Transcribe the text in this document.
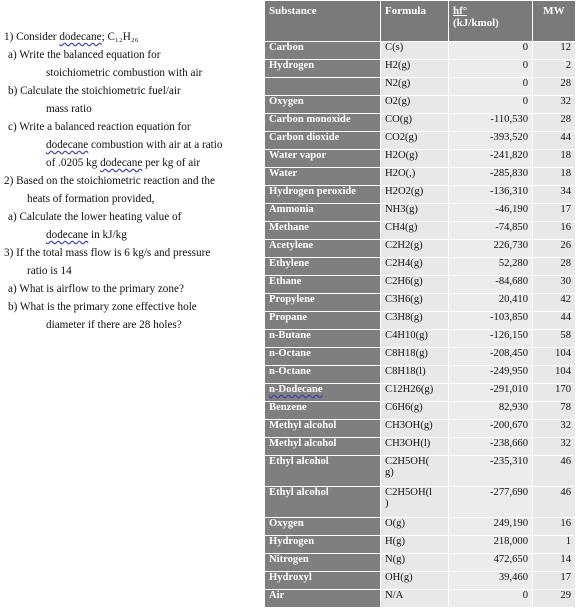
1) Consider dodecane; C₁₂H₂₆
a) Write the balanced equation for
stoichiometric combustion with air
b) Calculate the stoichiometric fuel/air
mass ratio
c) Write a balanced reaction equation for
dodecane combustion with air at a ratio
of .0205 kg dodecane per kg of air
2) Based on the stoichiometric reaction and the
heats of formation provided,
a) Calculate the lower heating value of
dodecane in kJ/kg
3) If the total mass flow is 6 kg/s and pressure
ratio is 14
a) What is airflow to the primary zone?
b) What is the primary zone effective hole
diameter if there are 28 holes?
Substance	Formula	hf°
(kJ/kmol)	MW
Carbon	C(s)	0	12
Hydrogen	H2(g)	0	2
	N2(g)	0	28
Oxygen	O2(g)	0	32
Carbon monoxide	CO(g)	-110,530	28
Carbon dioxide	CO2(g)	-393,520	44
Water vapor	H2O(g)	-241,820	18
Water	H2O(,)	-285,830	18
Hydrogen peroxide	H2O2(g)	-136,310	34
Ammonia	NH3(g)	-46,190	17
Methane	CH4(g)	-74,850	16
Acetylene	C2H2(g)	226,730	26
Ethylene	C2H4(g)	52,280	28
Ethane	C2H6(g)	-84,680	30
Propylene	C3H6(g)	20,410	42
Propane	C3H8(g)	-103,850	44
n-Butane	C4H10(g)	-126,150	58
n-Octane	C8H18(g)	-208,450	104
n-Octane	C8H18(l)	-249,950	104
n-Dodecane	C12H26(g)	-291,010	170
Benzene	C6H6(g)	82,930	78
Methyl alcohol	CH3OH(g)	-200,670	32
Methyl alcohol	CH3OH(l)	-238,660	32
Ethyl alcohol	C2H5OH(
g)	-235,310	46
Ethyl alcohol	C2H5OH(l
)	-277,690	46
Oxygen	O(g)	249,190	16
Hydrogen	H(g)	218,000	1
Nitrogen	N(g)	472,650	14
Hydroxyl	OH(g)	39,460	17
Air	N/A	0	29
